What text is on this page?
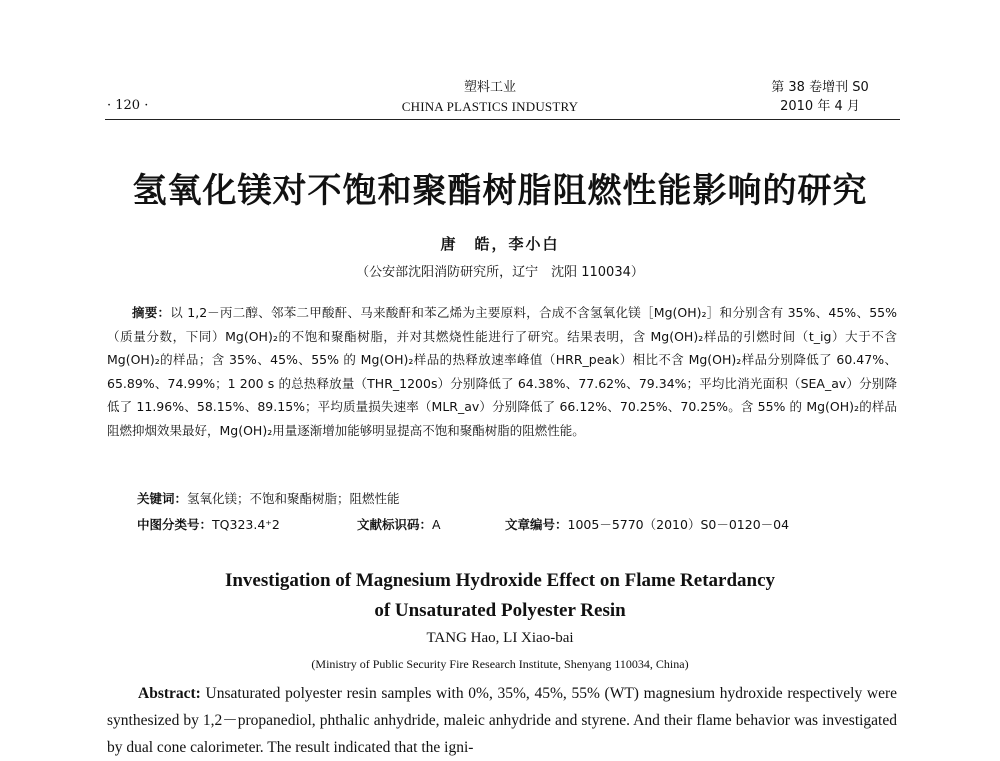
· 120 ·
塑料工业
CHINA PLASTICS INDUSTRY
第 38 卷增刊 S0
2010 年 4 月
氢氧化镁对不饱和聚酯树脂阻燃性能影响的研究
唐　皓，李小白
（公安部沈阳消防研究所，辽宁　沈阳 110034）
摘要：以 1,2－丙二醇、邻苯二甲酸酐、马来酸酐和苯乙烯为主要原料，合成不含氢氧化镁［Mg(OH)₂］和分别含有 35%、45%、55%（质量分数，下同）Mg(OH)₂的不饱和聚酯树脂，并对其燃烧性能进行了研究。结果表明，含 Mg(OH)₂样品的引燃时间（t_ig）大于不含 Mg(OH)₂的样品；含 35%、45%、55% 的 Mg(OH)₂样品的热释放速率峰值（HRR_peak）相比不含 Mg(OH)₂样品分别降低了 60.47%、65.89%、74.99%；1 200 s 的总热释放量（THR_1200s）分别降低了 64.38%、77.62%、79.34%；平均比消光面积（SEA_av）分别降低了 11.96%、58.15%、89.15%；平均质量损失速率（MLR_av）分别降低了 66.12%、70.25%、70.25%。含 55% 的 Mg(OH)₂的样品阻燃抑烟效果最好，Mg(OH)₂用量逐渐增加能够明显提高不饱和聚酯树脂的阻燃性能。
关键词：氢氧化镁；不饱和聚酯树脂；阻燃性能
中图分类号：TQ323.4⁺2	文献标识码：A	文章编号：1005－5770（2010）S0－0120－04
Investigation of Magnesium Hydroxide Effect on Flame Retardancy
of Unsaturated Polyester Resin
TANG Hao, LI Xiao-bai
(Ministry of Public Security Fire Research Institute, Shenyang 110034, China)
Abstract: Unsaturated polyester resin samples with 0%, 35%, 45%, 55% (WT) magnesium hydroxide respectively were synthesized by 1,2－propanediol, phthalic anhydride, maleic anhydride and styrene. And their flame behavior was investigated by dual cone calorimeter. The result indicated that the igni-
